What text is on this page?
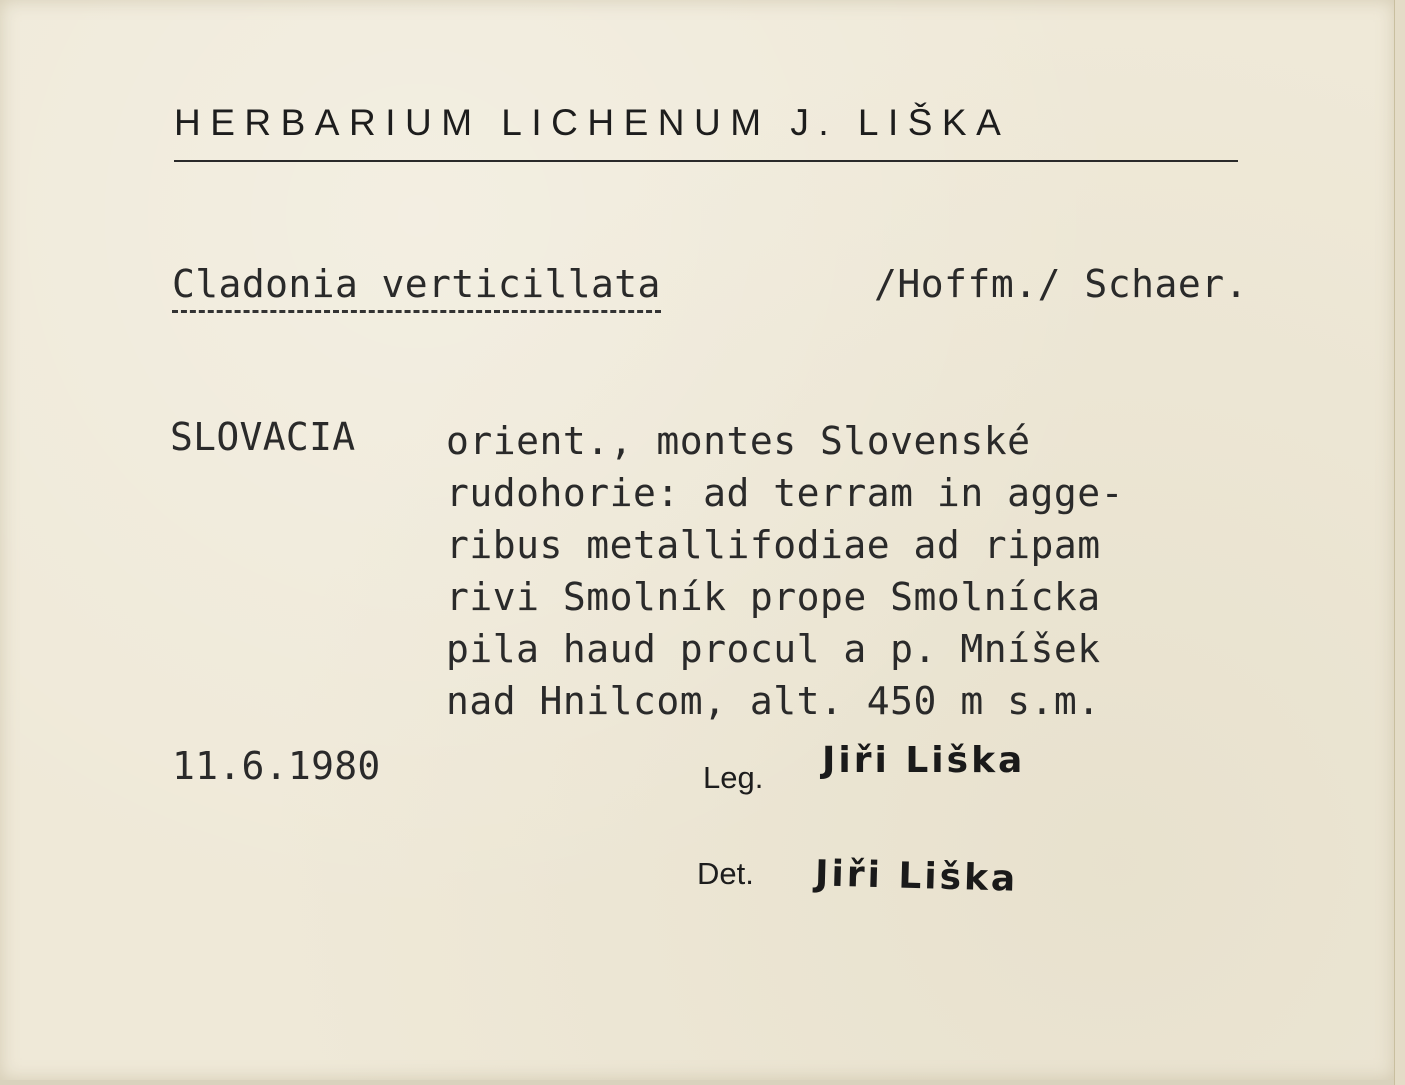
HERBARIUM LICHENUM J. LIŠKA
Cladonia verticillata	/Hoffm./ Schaer.
SLOVACIA orient., montes Slovenské
rudohorie: ad terram in agge-
ribus metallifodiae ad ripam
rivi Smolník prope Smolnícka
pila haud procul a p. Mníšek
nad Hnilcom, alt. 450 m s.m.
11.6.1980	Leg. Jiři Liška
Det. Jiři Liška
